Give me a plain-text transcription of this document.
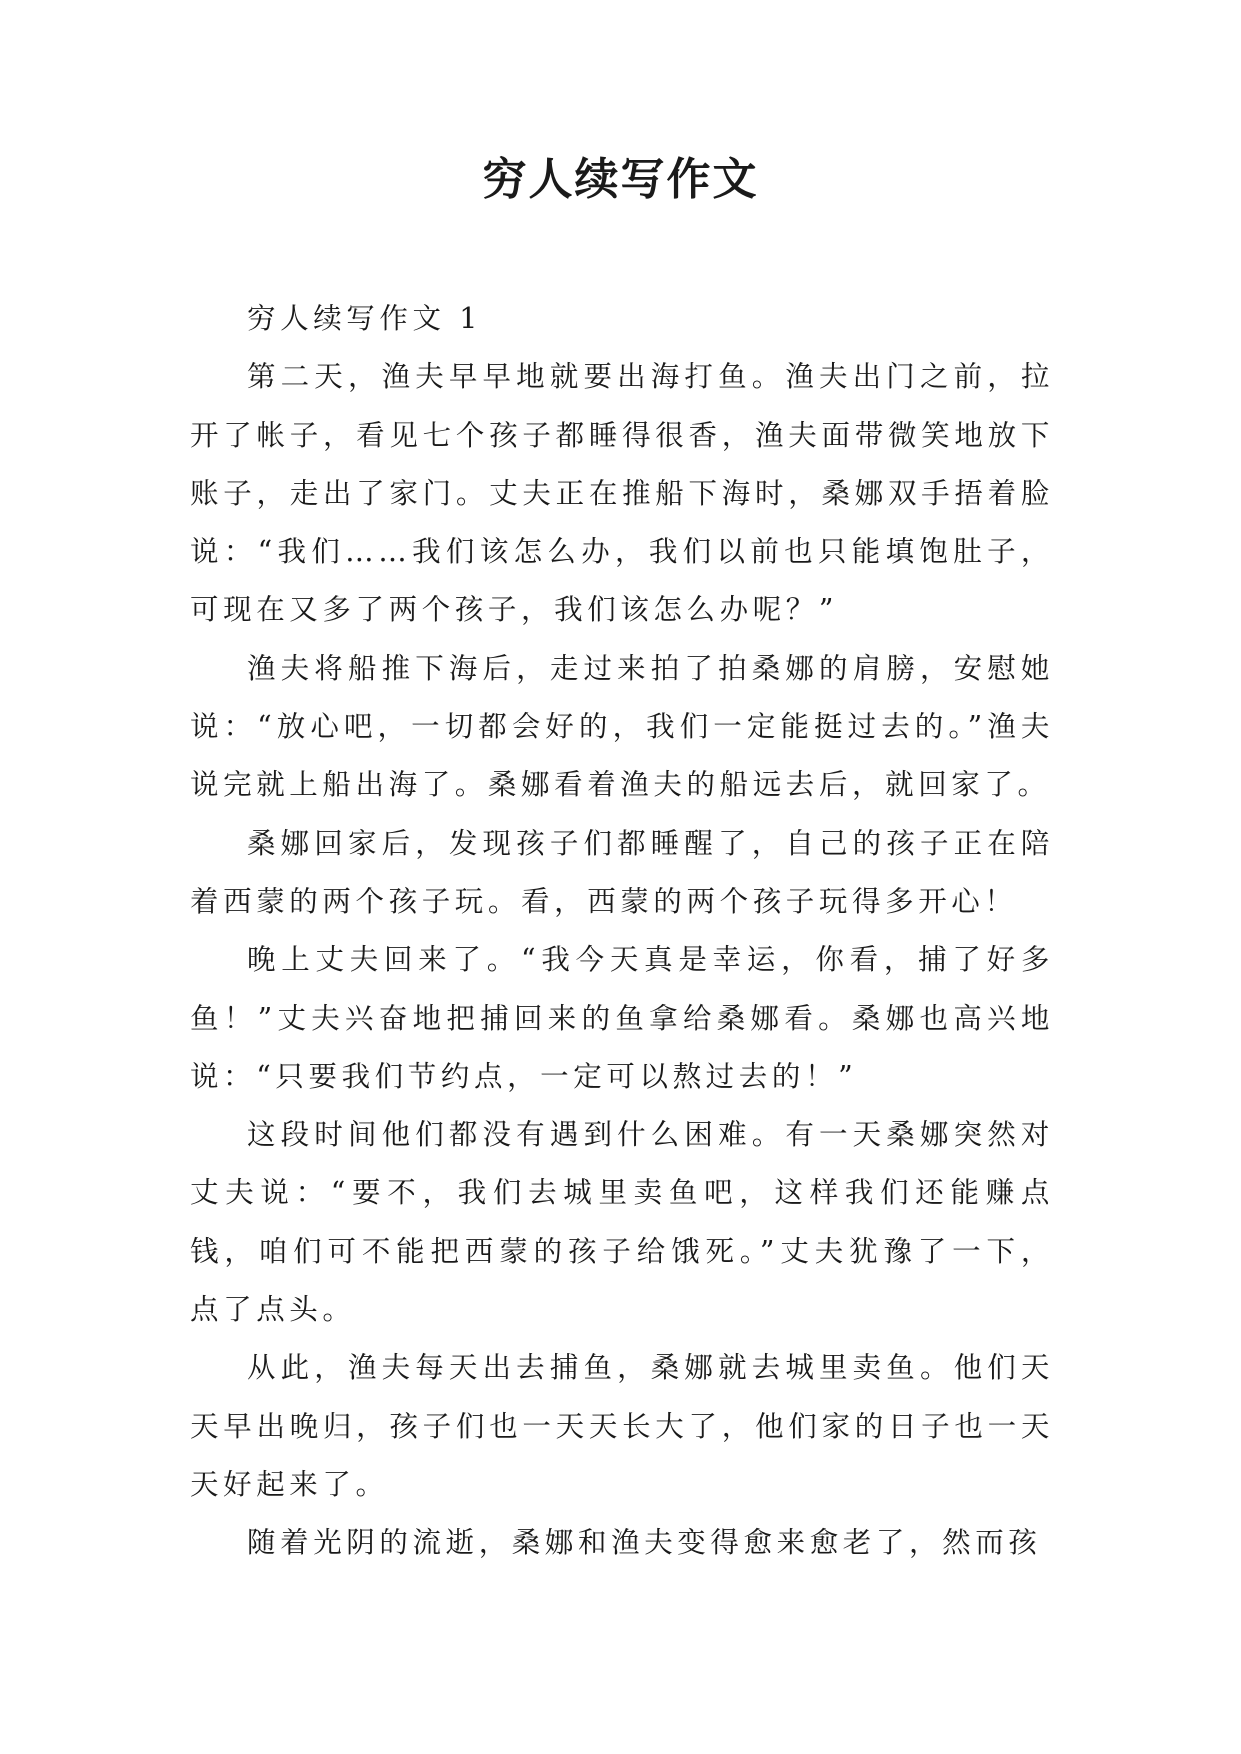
穷人续写作文

穷人续写作文 1

第二天，渔夫早早地就要出海打鱼。渔夫出门之前，拉开了帐子，看见七个孩子都睡得很香，渔夫面带微笑地放下账子，走出了家门。丈夫正在推船下海时，桑娜双手捂着脸说：“我们……我们该怎么办，我们以前也只能填饱肚子，可现在又多了两个孩子，我们该怎么办呢？”

渔夫将船推下海后，走过来拍了拍桑娜的肩膀，安慰她说：“放心吧，一切都会好的，我们一定能挺过去的。”渔夫说完就上船出海了。桑娜看着渔夫的船远去后，就回家了。

桑娜回家后，发现孩子们都睡醒了，自己的孩子正在陪着西蒙的两个孩子玩。看，西蒙的两个孩子玩得多开心！

晚上丈夫回来了。“我今天真是幸运，你看，捕了好多鱼！”丈夫兴奋地把捕回来的鱼拿给桑娜看。桑娜也高兴地说：“只要我们节约点，一定可以熬过去的！”

这段时间他们都没有遇到什么困难。有一天桑娜突然对丈夫说：“要不，我们去城里卖鱼吧，这样我们还能赚点钱，咱们可不能把西蒙的孩子给饿死。”丈夫犹豫了一下，点了点头。

从此，渔夫每天出去捕鱼，桑娜就去城里卖鱼。他们天天早出晚归，孩子们也一天天长大了，他们家的日子也一天天好起来了。

随着光阴的流逝，桑娜和渔夫变得愈来愈老了，然而孩
